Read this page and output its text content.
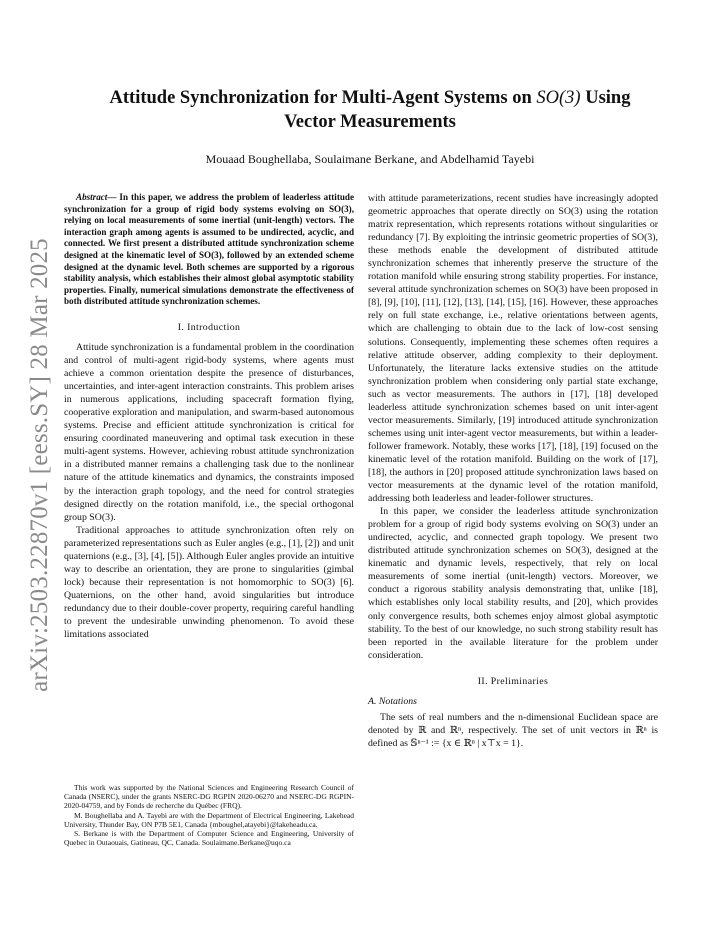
arXiv:2503.22870v1 [eess.SY] 28 Mar 2025
Attitude Synchronization for Multi-Agent Systems on SO(3) Using
Vector Measurements
Mouaad Boughellaba, Soulaimane Berkane, and Abdelhamid Tayebi

Abstract— In this paper, we address the problem of leaderless attitude synchronization for a group of rigid body systems evolving on SO(3), relying on local measurements of some inertial (unit-length) vectors. The interaction graph among agents is assumed to be undirected, acyclic, and connected. We first present a distributed attitude synchronization scheme designed at the kinematic level of SO(3), followed by an extended scheme designed at the dynamic level. Both schemes are supported by a rigorous stability analysis, which establishes their almost global asymptotic stability properties. Finally, numerical simulations demonstrate the effectiveness of both distributed attitude synchronization schemes.

I. Introduction

Attitude synchronization is a fundamental problem in the coordination and control of multi-agent rigid-body systems, where agents must achieve a common orientation despite the presence of disturbances, uncertainties, and inter-agent interaction constraints. This problem arises in numerous applications, including spacecraft formation flying, cooperative exploration and manipulation, and swarm-based autonomous systems. Precise and efficient attitude synchronization is critical for ensuring coordinated maneuvering and optimal task execution in these multi-agent systems. However, achieving robust attitude synchronization in a distributed manner remains a challenging task due to the nonlinear nature of the attitude kinematics and dynamics, the constraints imposed by the interaction graph topology, and the need for control strategies designed directly on the rotation manifold, i.e., the special orthogonal group SO(3).

Traditional approaches to attitude synchronization often rely on parameterized representations such as Euler angles (e.g., [1], [2]) and unit quaternions (e.g., [3], [4], [5]). Although Euler angles provide an intuitive way to describe an orientation, they are prone to singularities (gimbal lock) because their representation is not homomorphic to SO(3) [6]. Quaternions, on the other hand, avoid singularities but introduce redundancy due to their double-cover property, requiring careful handling to prevent the undesirable unwinding phenomenon. To avoid these limitations associated

This work was supported by the National Sciences and Engineering Research Council of Canada (NSERC), under the grants NSERC-DG RGPIN 2020-06270 and NSERC-DG RGPIN-2020-04759, and by Fonds de recherche du Québec (FRQ).

M. Boughellaba and A. Tayebi are with the Department of Electrical Engineering, Lakehead University, Thunder Bay, ON P7B 5E1, Canada {mboughel,atayebi}@lakeheadu.ca.

S. Berkane is with the Department of Computer Science and Engineering, University of Quebec in Outaouais, Gatineau, QC, Canada. Soulaimane.Berkane@uqo.ca

with attitude parameterizations, recent studies have increasingly adopted geometric approaches that operate directly on SO(3) using the rotation matrix representation, which represents rotations without singularities or redundancy [7]. By exploiting the intrinsic geometric properties of SO(3), these methods enable the development of distributed attitude synchronization schemes that inherently preserve the structure of the rotation manifold while ensuring strong stability properties. For instance, several attitude synchronization schemes on SO(3) have been proposed in [8], [9], [10], [11], [12], [13], [14], [15], [16]. However, these approaches rely on full state exchange, i.e., relative orientations between agents, which are challenging to obtain due to the lack of low-cost sensing solutions. Consequently, implementing these schemes often requires a relative attitude observer, adding complexity to their deployment. Unfortunately, the literature lacks extensive studies on the attitude synchronization problem when considering only partial state exchange, such as vector measurements. The authors in [17], [18] developed leaderless attitude synchronization schemes based on unit inter-agent vector measurements. Similarly, [19] introduced attitude synchronization schemes using unit inter-agent vector measurements, but within a leader-follower framework. Notably, these works [17], [18], [19] focused on the kinematic level of the rotation manifold. Building on the work of [17], [18], the authors in [20] proposed attitude synchronization laws based on vector measurements at the dynamic level of the rotation manifold, addressing both leaderless and leader-follower structures.

In this paper, we consider the leaderless attitude synchronization problem for a group of rigid body systems evolving on SO(3) under an undirected, acyclic, and connected graph topology. We present two distributed attitude synchronization schemes on SO(3), designed at the kinematic and dynamic levels, respectively, that rely on local measurements of some inertial (unit-length) vectors. Moreover, we conduct a rigorous stability analysis demonstrating that, unlike [18], which establishes only local stability results, and [20], which provides only convergence results, both schemes enjoy almost global asymptotic stability. To the best of our knowledge, no such strong stability result has been reported in the available literature for the problem under consideration.

II. Preliminaries
A. Notations

The sets of real numbers and the n-dimensional Euclidean space are denoted by ℝ and ℝⁿ, respectively. The set of unit vectors in ℝⁿ is defined as 𝕊ⁿ⁻¹ := {x ∈ ℝⁿ | x⊤x = 1}.
